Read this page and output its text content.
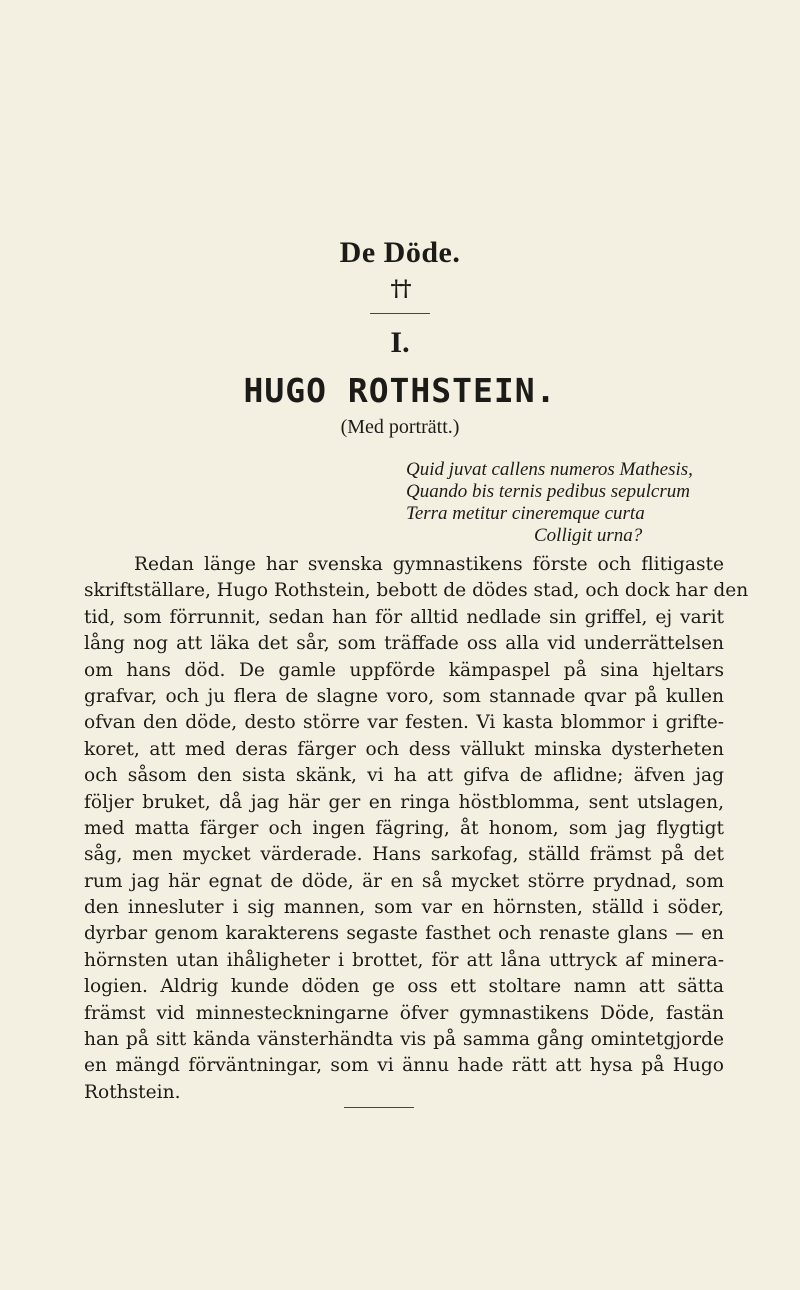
De Döde.
††
I.
HUGO ROTHSTEIN.
(Med porträtt.)
Quid juvat callens numeros Mathesis,
Quando bis ternis pedibus sepulcrum
Terra metitur cineremque curta
Colligit urna?
Redan länge har svenska gymnastikens förste och flitigaste
skriftställare, Hugo Rothstein, bebott de dödes stad, och dock har den
tid, som förrunnit, sedan han för alltid nedlade sin griffel, ej varit
lång nog att läka det sår, som träffade oss alla vid underrättelsen
om hans död. De gamle uppförde kämpaspel på sina hjeltars
grafvar, och ju flera de slagne voro, som stannade qvar på kullen
ofvan den döde, desto större var festen. Vi kasta blommor i grifte-
koret, att med deras färger och dess vällukt minska dysterheten
och såsom den sista skänk, vi ha att gifva de aflidne; äfven jag
följer bruket, då jag här ger en ringa höstblomma, sent utslagen,
med matta färger och ingen fägring, åt honom, som jag flygtigt
såg, men mycket värderade. Hans sarkofag, ställd främst på det
rum jag här egnat de döde, är en så mycket större prydnad, som
den innesluter i sig mannen, som var en hörnsten, ställd i söder,
dyrbar genom karakterens segaste fasthet och renaste glans — en
hörnsten utan ihåligheter i brottet, för att låna uttryck af minera-
logien. Aldrig kunde döden ge oss ett stoltare namn att sätta
främst vid minnesteckningarne öfver gymnastikens Döde, fastän
han på sitt kända vänsterhändta vis på samma gång omintetgjorde
en mängd förväntningar, som vi ännu hade rätt att hysa på Hugo
Rothstein.
